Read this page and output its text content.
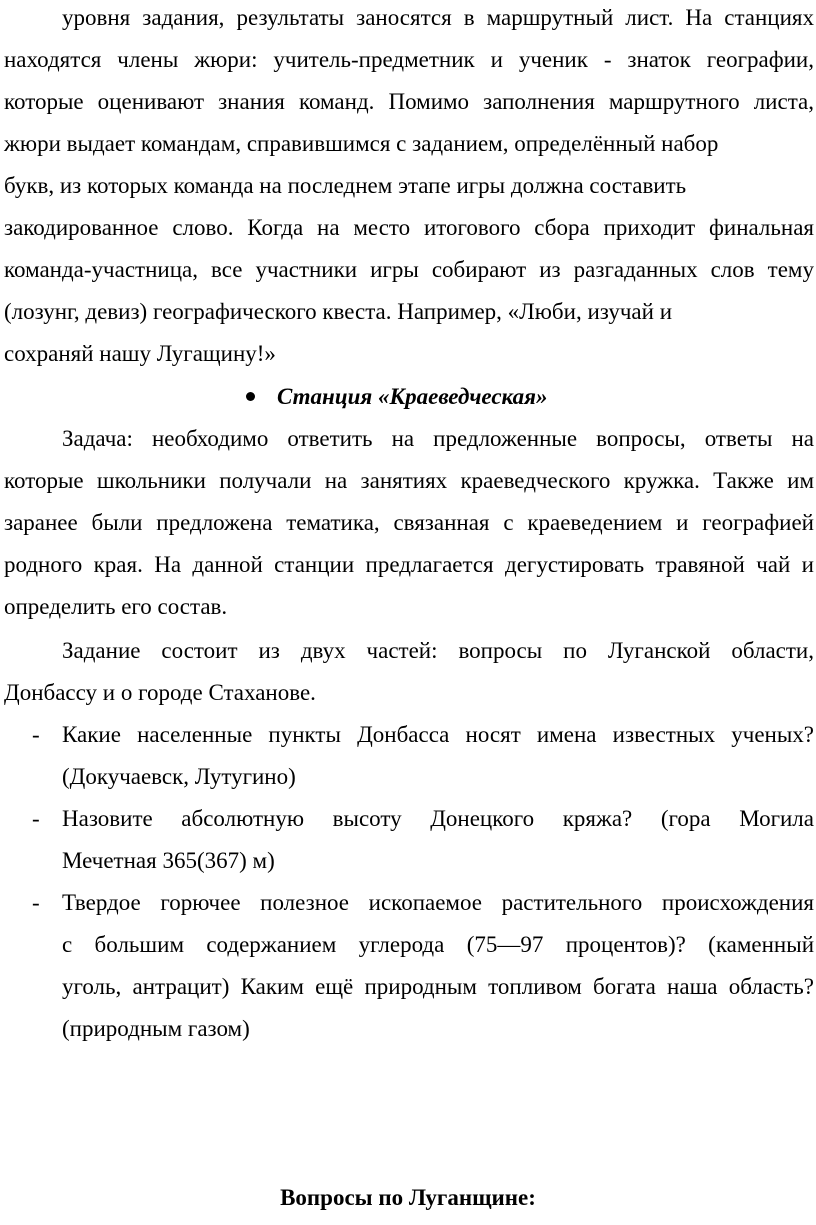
уровня задания, результаты заносятся в маршрутный лист. На станциях
находятся члены жюри: учитель-предметник и ученик - знаток географии,
которые оценивают знания команд. Помимо заполнения маршрутного листа,
жюри выдает командам, справившимся с заданием, определённый набор
букв, из которых команда на последнем этапе игры должна составить
закодированное слово. Когда на место итогового сбора приходит финальная
команда-участница, все участники игры собирают из разгаданных слов тему
(лозунг, девиз) географического квеста. Например, «Люби, изучай и
сохраняй нашу Лугащину!»
Станция «Краеведческая»
Задача: необходимо ответить на предложенные вопросы, ответы на
которые школьники получали на занятиях краеведческого кружка. Также им
заранее были предложена тематика, связанная с краеведением и географией
родного края. На данной станции предлагается дегустировать травяной чай и
определить его состав.
Задание состоит из двух частей: вопросы по Луганской области,
Донбассу и о городе Стаханове.
- Какие населенные пункты Донбасса носят имена известных ученых?
(Докучаевск, Лутугино)
- Назовите абсолютную высоту Донецкого кряжа? (гора Могила
Мечетная 365(367) м)
- Твердое горючее полезное ископаемое растительного происхождения
с большим содержанием углерода (75—97 процентов)? (каменный
уголь, антрацит) Каким ещё природным топливом богата наша область?
(природным газом)
Вопросы по Луганщине:
